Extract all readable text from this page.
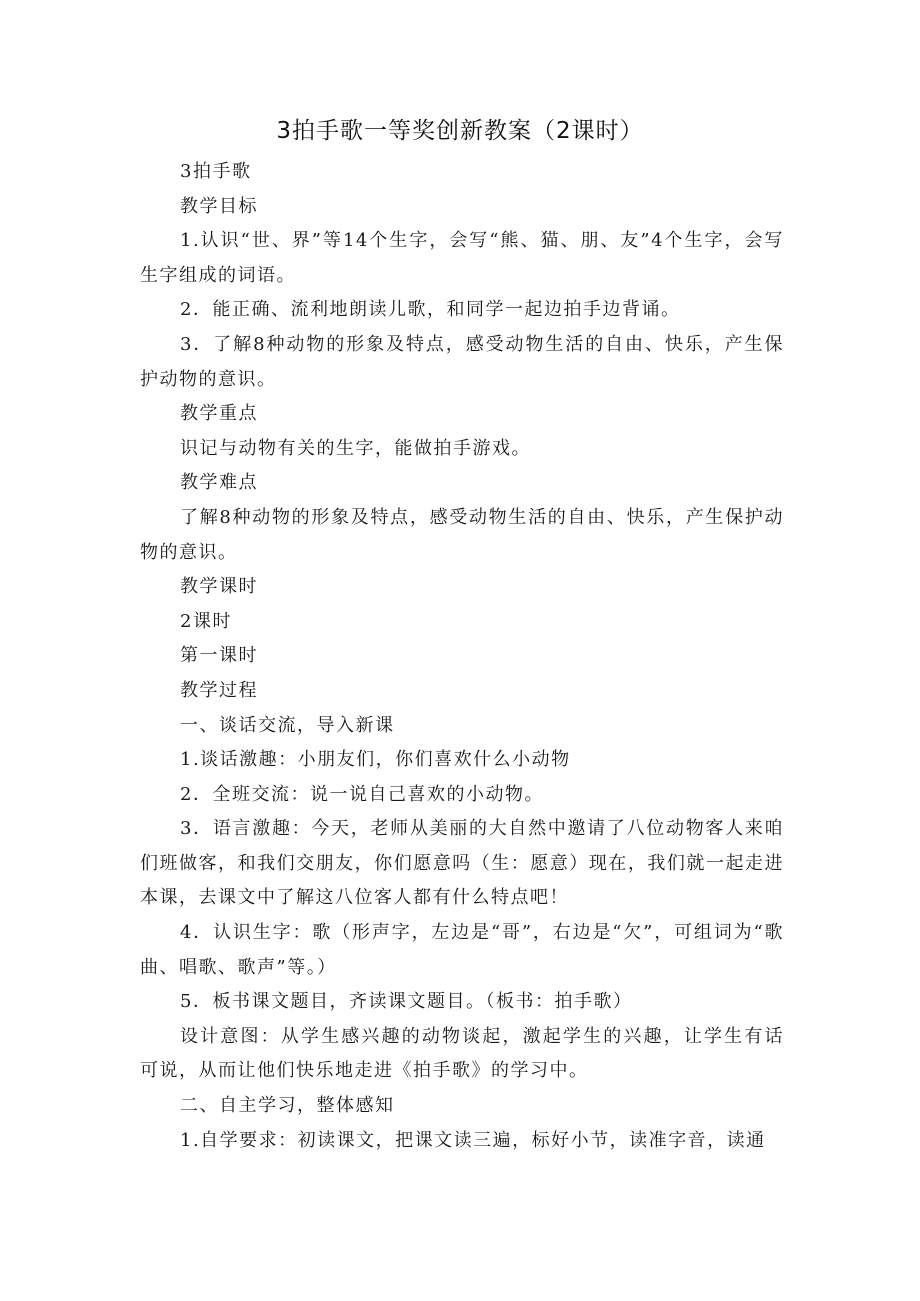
3拍手歌一等奖创新教案（2课时）

3拍手歌

教学目标

1.认识“世、界”等14个生字，会写“熊、猫、朋、友”4个生字，会写生字组成的词语。

2．能正确、流利地朗读儿歌，和同学一起边拍手边背诵。

3．了解8种动物的形象及特点，感受动物生活的自由、快乐，产生保护动物的意识。

教学重点

识记与动物有关的生字，能做拍手游戏。

教学难点

了解8种动物的形象及特点，感受动物生活的自由、快乐，产生保护动物的意识。

教学课时

2课时

第一课时

教学过程

一、谈话交流，导入新课

1.谈话激趣：小朋友们，你们喜欢什么小动物

2．全班交流：说一说自己喜欢的小动物。

3．语言激趣：今天，老师从美丽的大自然中邀请了八位动物客人来咱们班做客，和我们交朋友，你们愿意吗（生：愿意）现在，我们就一起走进本课，去课文中了解这八位客人都有什么特点吧！

4．认识生字：歌（形声字，左边是“哥”，右边是“欠”，可组词为“歌曲、唱歌、歌声”等。）

5．板书课文题目，齐读课文题目。（板书：拍手歌）

设计意图：从学生感兴趣的动物谈起，激起学生的兴趣，让学生有话可说，从而让他们快乐地走进《拍手歌》的学习中。

二、自主学习，整体感知

1.自学要求：初读课文，把课文读三遍，标好小节，读准字音，读通
